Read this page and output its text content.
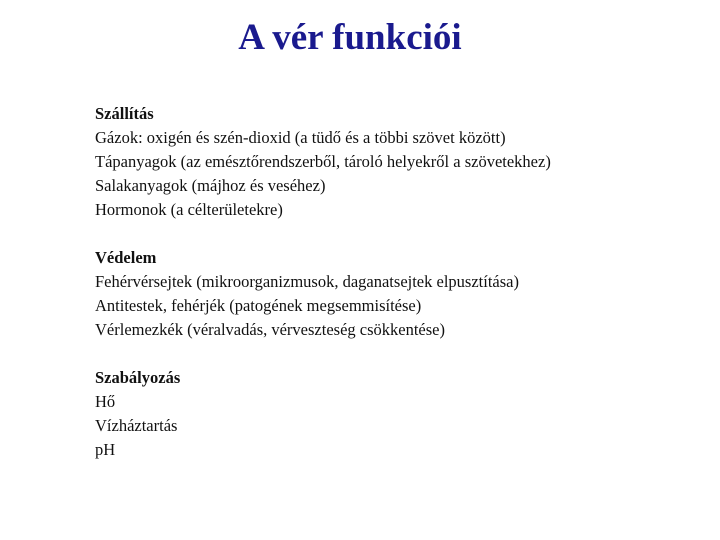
A vér funkciói
Szállítás
Gázok: oxigén és szén-dioxid (a tüdő és a többi szövet között)
Tápanyagok (az emésztőrendszerből, tároló helyekről a szövetekhez)
Salakanyagok (májhoz és veséhez)
Hormonok (a célterületekre)
Védelem
Fehérvérsejtek (mikroorganizmusok, daganatsejtek elpusztítása)
Antitestek, fehérjék (patogének megsemmisítése)
Vérlemezkék (véralvadás, vérveszteség csökkentése)
Szabályozás
Hő
Vízháztartás
pH
